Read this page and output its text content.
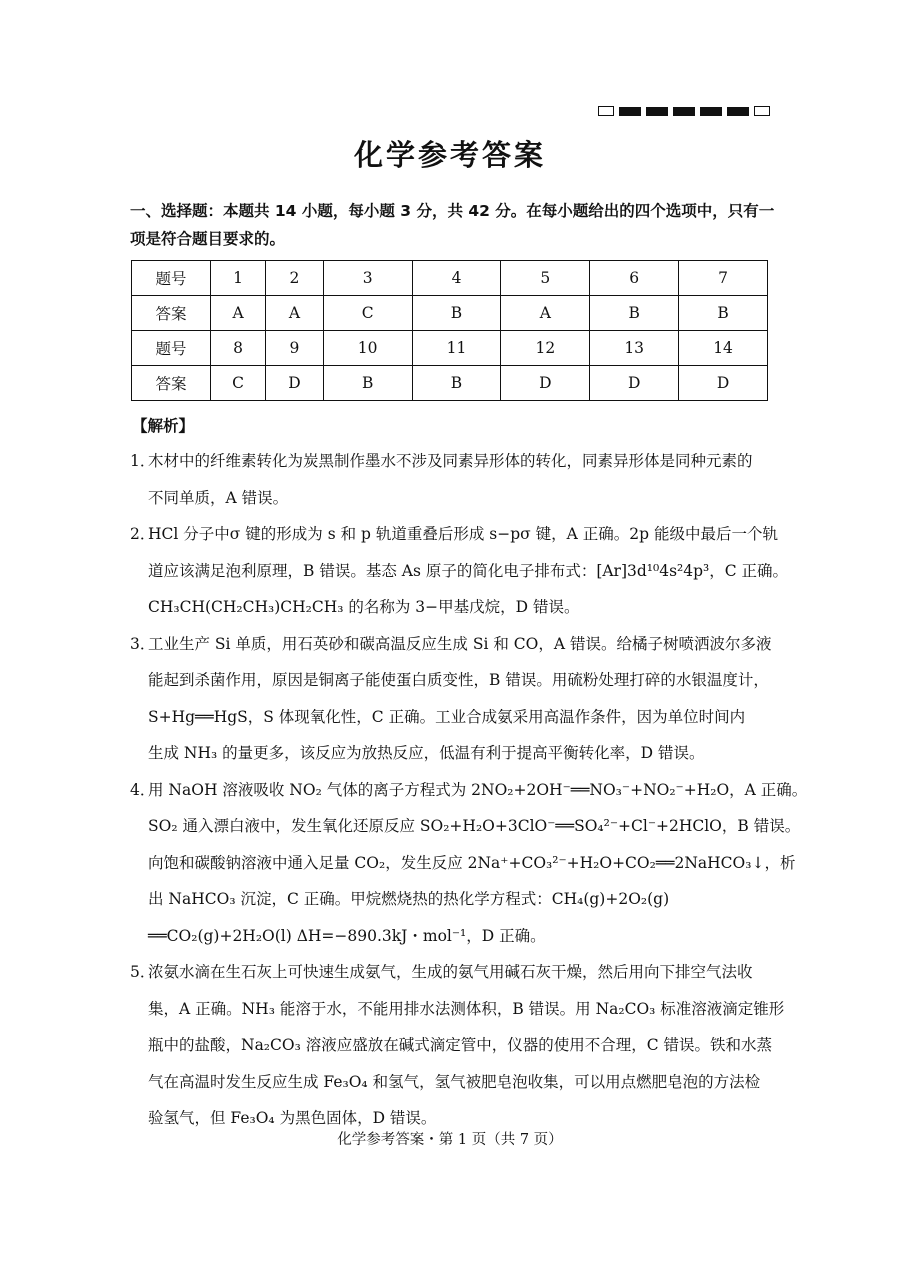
化学参考答案
一、选择题：本题共 14 小题，每小题 3 分，共 42 分。在每小题给出的四个选项中，只有一项是符合题目要求的。
题号	1	2	3	4	5	6	7
答案	A	A	C	B	A	B	B
题号	8	9	10	11	12	13	14
答案	C	D	B	B	D	D	D
【解析】
1．
木材中的纤维素转化为炭黑制作墨水不涉及同素异形体的转化，同素异形体是同种元素的
不同单质，A 错误。
2．
HCl 分子中σ 键的形成为 s 和 p 轨道重叠后形成 s−pσ 键，A 正确。2p 能级中最后一个轨
道应该满足泡利原理，B 错误。基态 As 原子的简化电子排布式：[Ar]3d¹⁰4s²4p³，C 正确。
CH₃CH(CH₂CH₃)CH₂CH₃ 的名称为 3−甲基戊烷，D 错误。
3．
工业生产 Si 单质，用石英砂和碳高温反应生成 Si 和 CO，A 错误。给橘子树喷洒波尔多液
能起到杀菌作用，原因是铜离子能使蛋白质变性，B 错误。用硫粉处理打碎的水银温度计，
S+Hg══HgS，S 体现氧化性，C 正确。工业合成氨采用高温作条件，因为单位时间内
生成 NH₃ 的量更多，该反应为放热反应，低温有利于提高平衡转化率，D 错误。
4．
用 NaOH 溶液吸收 NO₂ 气体的离子方程式为 2NO₂+2OH⁻══NO₃⁻+NO₂⁻+H₂O，A 正确。
SO₂ 通入漂白液中，发生氧化还原反应 SO₂+H₂O+3ClO⁻══SO₄²⁻+Cl⁻+2HClO，B 错误。
向饱和碳酸钠溶液中通入足量 CO₂，发生反应 2Na⁺+CO₃²⁻+H₂O+CO₂══2NaHCO₃↓，析
出 NaHCO₃ 沉淀，C 正确。甲烷燃烧热的热化学方程式：CH₄(g)+2O₂(g)
══CO₂(g)+2H₂O(l) ΔH=−890.3kJ・mol⁻¹，D 正确。
5．
浓氨水滴在生石灰上可快速生成氨气，生成的氨气用碱石灰干燥，然后用向下排空气法收
集，A 正确。NH₃ 能溶于水，不能用排水法测体积，B 错误。用 Na₂CO₃ 标准溶液滴定锥形
瓶中的盐酸，Na₂CO₃ 溶液应盛放在碱式滴定管中，仪器的使用不合理，C 错误。铁和水蒸
气在高温时发生反应生成 Fe₃O₄ 和氢气，氢气被肥皂泡收集，可以用点燃肥皂泡的方法检
验氢气，但 Fe₃O₄ 为黑色固体，D 错误。
化学参考答案・第 1 页（共 7 页）
